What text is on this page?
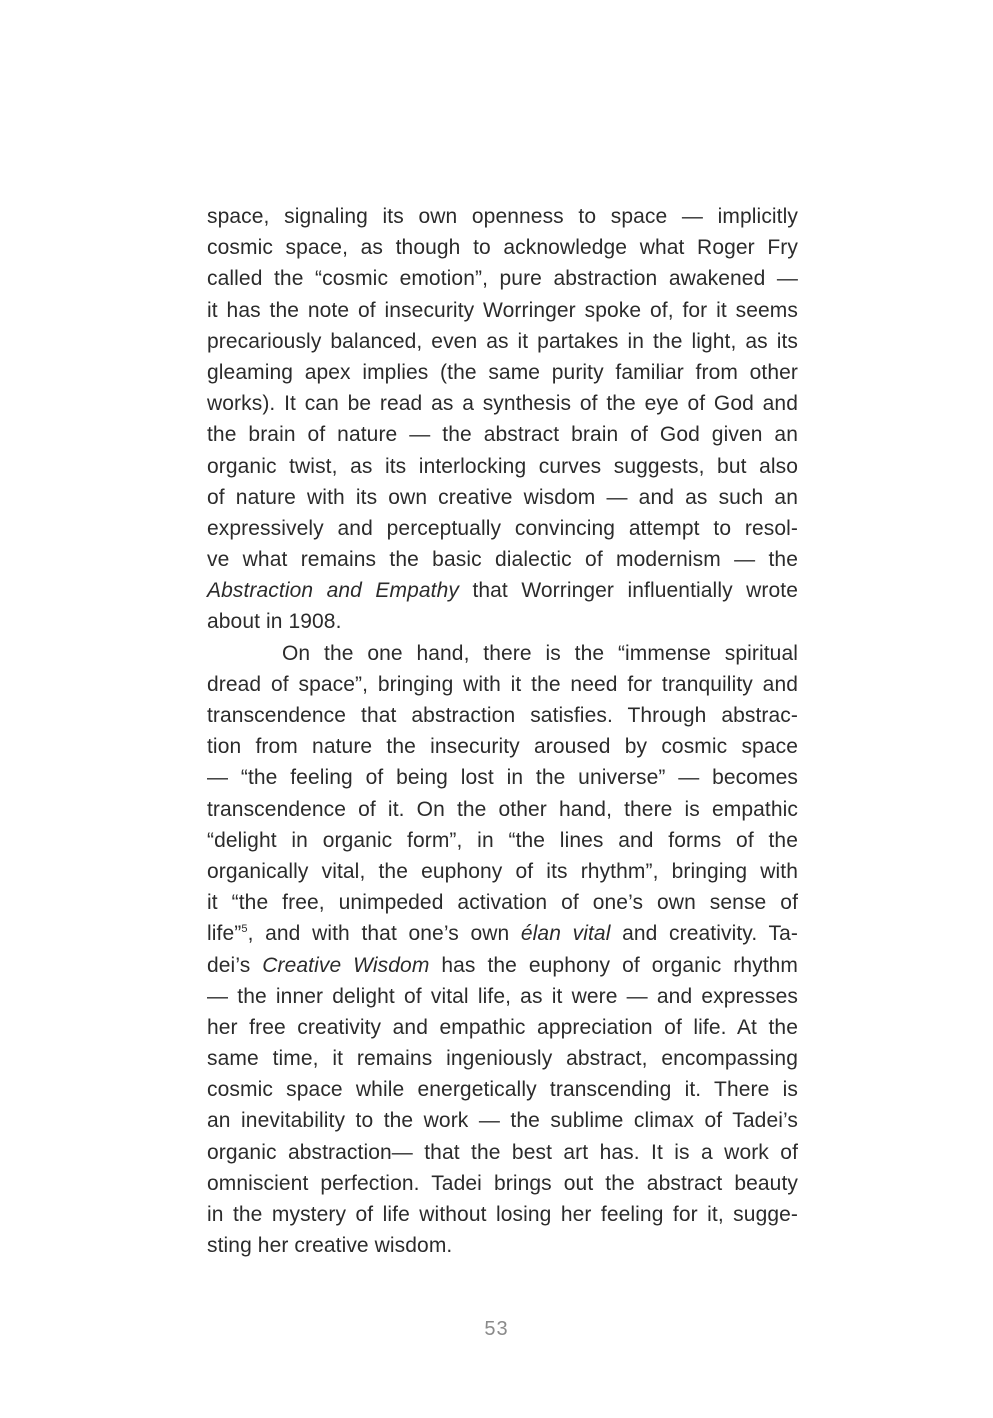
space, signaling its own openness to space — implicitly
cosmic space, as though to acknowledge what Roger Fry
called the “cosmic emotion”, pure abstraction awakened —
it has the note of insecurity Worringer spoke of, for it seems
precariously balanced, even as it partakes in the light, as its
gleaming apex implies (the same purity familiar from other
works). It can be read as a synthesis of the eye of God and
the brain of nature — the abstract brain of God given an
organic twist, as its interlocking curves suggests, but also
of nature with its own creative wisdom — and as such an
expressively and perceptually convincing attempt to resol-
ve what remains the basic dialectic of modernism — the
Abstraction and Empathy that Worringer influentially wrote
about in 1908.
On the one hand, there is the “immense spiritual
dread of space”, bringing with it the need for tranquility and
transcendence that abstraction satisfies. Through abstrac-
tion from nature the insecurity aroused by cosmic space
— “the feeling of being lost in the universe” — becomes
transcendence of it. On the other hand, there is empathic
“delight in organic form”, in “the lines and forms of the
organically vital, the euphony of its rhythm”, bringing with
it “the free, unimpeded activation of one’s own sense of
life”$^5$, and with that one’s own élan vital and creativity. Ta-
dei’s Creative Wisdom has the euphony of organic rhythm
— the inner delight of vital life, as it were — and expresses
her free creativity and empathic appreciation of life. At the
same time, it remains ingeniously abstract, encompassing
cosmic space while energetically transcending it. There is
an inevitability to the work — the sublime climax of Tadei’s
organic abstraction— that the best art has. It is a work of
omniscient perfection. Tadei brings out the abstract beauty
in the mystery of life without losing her feeling for it, sugge-
sting her creative wisdom.
53
